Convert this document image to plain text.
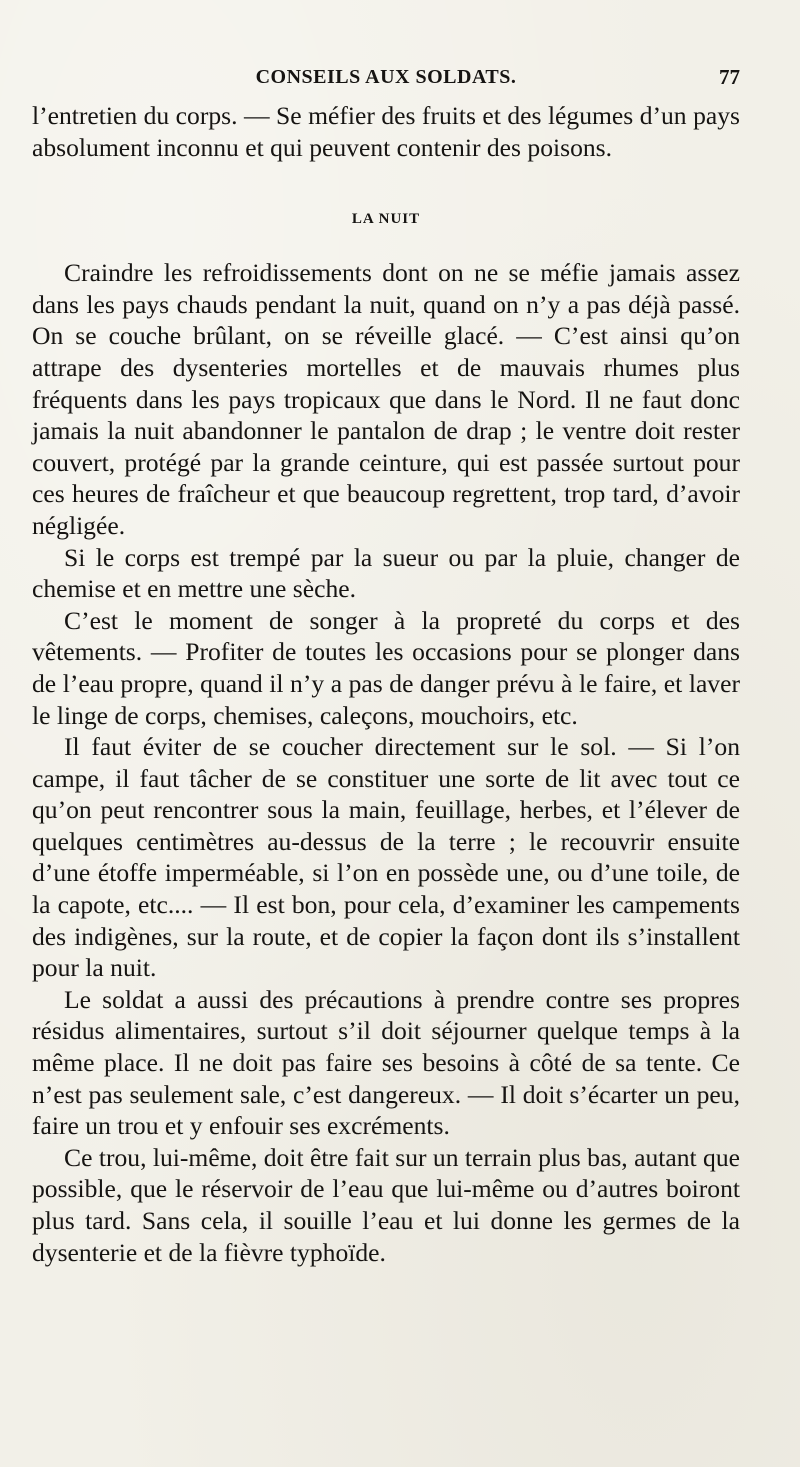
CONSEILS AUX SOLDATS.	77

l’entretien du corps. — Se méfier des fruits et des légumes d’un pays absolument inconnu et qui peuvent contenir des poisons.

LA NUIT

Craindre les refroidissements dont on ne se méfie jamais assez dans les pays chauds pendant la nuit, quand on n’y a pas déjà passé. On se couche brûlant, on se réveille glacé. — C’est ainsi qu’on attrape des dysenteries mortelles et de mauvais rhumes plus fréquents dans les pays tropicaux que dans le Nord. Il ne faut donc jamais la nuit abandonner le pantalon de drap ; le ventre doit rester couvert, protégé par la grande ceinture, qui est passée surtout pour ces heures de fraîcheur et que beaucoup regrettent, trop tard, d’avoir négligée.

Si le corps est trempé par la sueur ou par la pluie, changer de chemise et en mettre une sèche.

C’est le moment de songer à la propreté du corps et des vêtements. — Profiter de toutes les occasions pour se plonger dans de l’eau propre, quand il n’y a pas de danger prévu à le faire, et laver le linge de corps, chemises, caleçons, mouchoirs, etc.

Il faut éviter de se coucher directement sur le sol. — Si l’on campe, il faut tâcher de se constituer une sorte de lit avec tout ce qu’on peut rencontrer sous la main, feuillage, herbes, et l’élever de quelques centimètres au-dessus de la terre ; le recouvrir ensuite d’une étoffe imperméable, si l’on en possède une, ou d’une toile, de la capote, etc.... — Il est bon, pour cela, d’examiner les campements des indigènes, sur la route, et de copier la façon dont ils s’installent pour la nuit.

Le soldat a aussi des précautions à prendre contre ses propres résidus alimentaires, surtout s’il doit séjourner quelque temps à la même place. Il ne doit pas faire ses besoins à côté de sa tente. Ce n’est pas seulement sale, c’est dangereux. — Il doit s’écarter un peu, faire un trou et y enfouir ses excréments.

Ce trou, lui-même, doit être fait sur un terrain plus bas, autant que possible, que le réservoir de l’eau que lui-même ou d’autres boiront plus tard. Sans cela, il souille l’eau et lui donne les germes de la dysenterie et de la fièvre typhoïde.
